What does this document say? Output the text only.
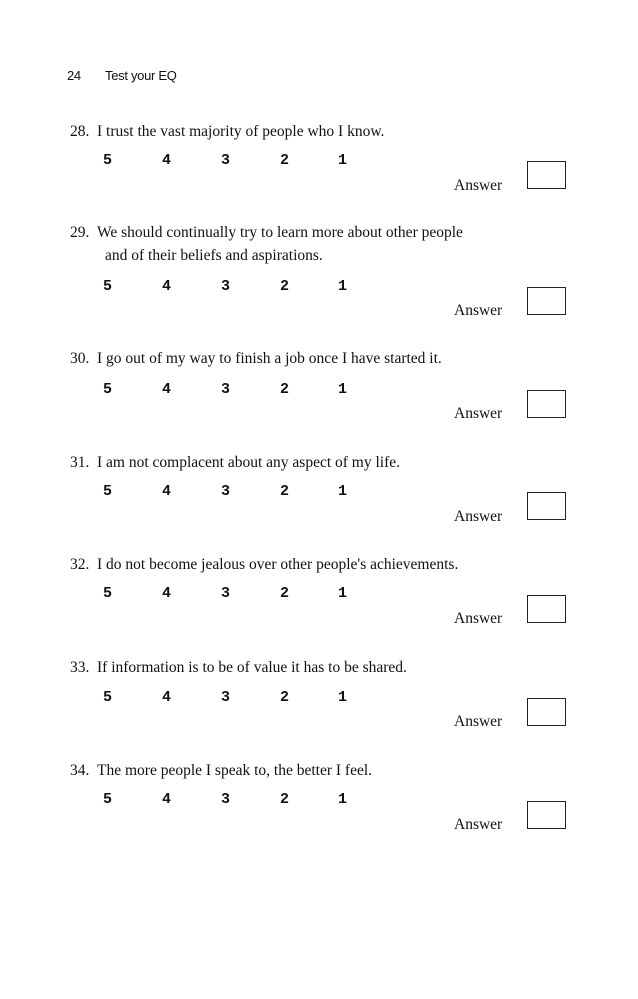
24 Test your EQ
28. I trust the vast majority of people who I know.
5	4	3	2	1
Answer
29. We should continually try to learn more about other people
and of their beliefs and aspirations.
5	4	3	2	1
Answer
30. I go out of my way to finish a job once I have started it.
5	4	3	2	1
Answer
31. I am not complacent about any aspect of my life.
5	4	3	2	1
Answer
32. I do not become jealous over other people's achievements.
5	4	3	2	1
Answer
33. If information is to be of value it has to be shared.
5	4	3	2	1
Answer
34. The more people I speak to, the better I feel.
5	4	3	2	1
Answer
